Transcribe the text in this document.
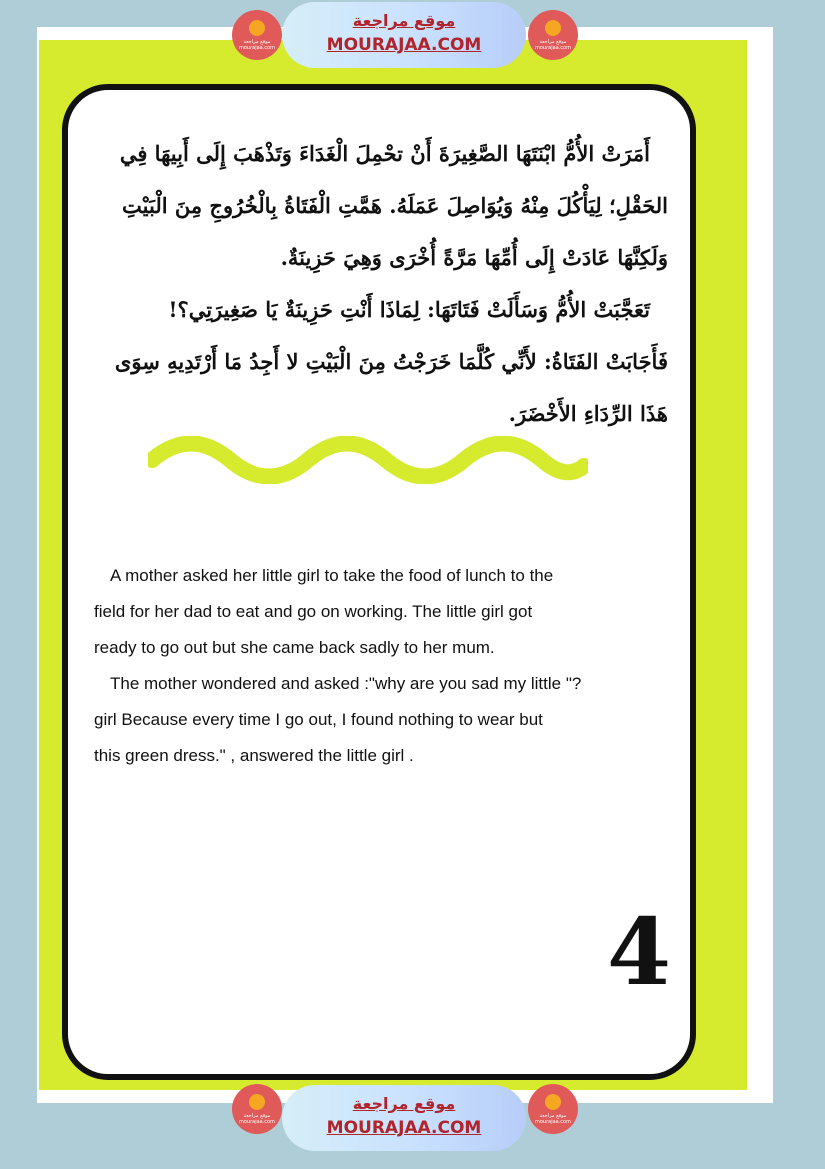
أَمَرَتْ الأُمُّ ابْنَتَهَا الصَّغِيرَةَ أَنْ تحْمِلَ الْغَدَاءَ وَتَذْهَبَ إِلَى أَبِيهَا فِي

الحَقْلِ؛ لِيَأْكُلَ مِنْهُ وَيُوَاصِلَ عَمَلَهُ. هَمَّتِ الْفَتَاةُ بِالْخُرُوجِ مِنَ الْبَيْتِ

وَلَكِنَّهَا عَادَتْ إِلَى أُمِّهَا مَرَّةً أُخْرَى وَهِيَ حَزِينَةٌ.

تَعَجَّبَتْ الأُمُّ وَسَأَلَتْ فَتَاتَهَا: لِمَاذَا أَنْتِ حَزِينَةٌ يَا صَغِيرَتِي؟!

فَأَجَابَتْ الفَتَاةُ: لأَنِّي كُلَّمَا خَرَجْتُ مِنَ الْبَيْتِ لا أَجِدُ مَا أَرْتَدِيهِ سِوَى

هَذَا الرِّدَاءِ الأَخْضَرَ.

A mother asked her little girl to take the food of lunch to the

field for her dad to eat and go on working. The little girl got

ready to go out but she came back sadly to her mum.

The mother wondered and asked :"why are you sad my little "?

girl Because every time I go out, I found nothing to wear but

this green dress." , answered the little girl .

4
موقع مراجعة
mourajaa.com
موقع مراجعة
MOURAJAA.COM	موقع مراجعة
mourajaa.com
موقع مراجعة
mourajaa.com
موقع مراجعة
MOURAJAA.COM
موقع مراجعة
mourajaa.com
